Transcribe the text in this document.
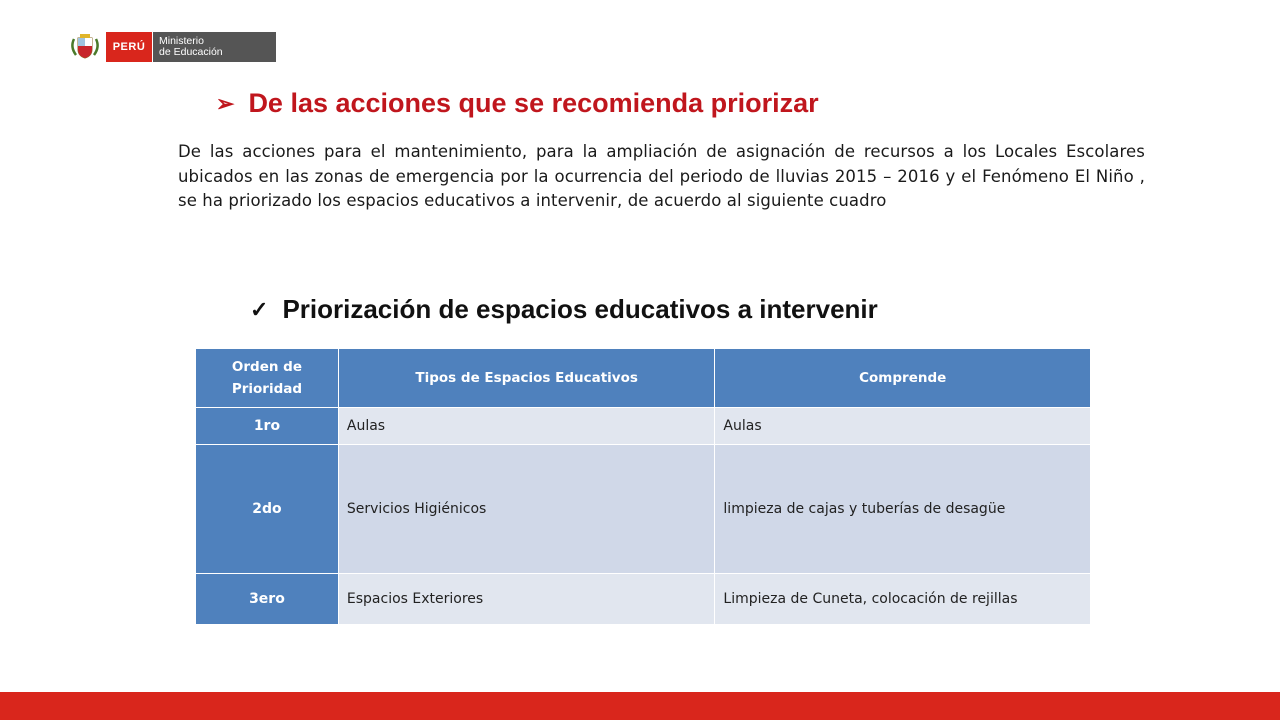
PERÚ	Ministerio
de Educación
➢ De las acciones que se recomienda priorizar
De las acciones para el mantenimiento, para la ampliación de asignación de recursos a los Locales Escolares ubicados en las zonas de emergencia por la ocurrencia del periodo de lluvias 2015 – 2016 y el Fenómeno El Niño , se ha priorizado los espacios educativos a intervenir, de acuerdo al siguiente cuadro
✓ Priorización de espacios educativos a intervenir
Orden de Prioridad	Tipos de Espacios Educativos	Comprende
1ro	Aulas	Aulas
2do	Servicios Higiénicos	limpieza de cajas y tuberías de desagüe
3ero	Espacios Exteriores	Limpieza de Cuneta, colocación de rejillas
